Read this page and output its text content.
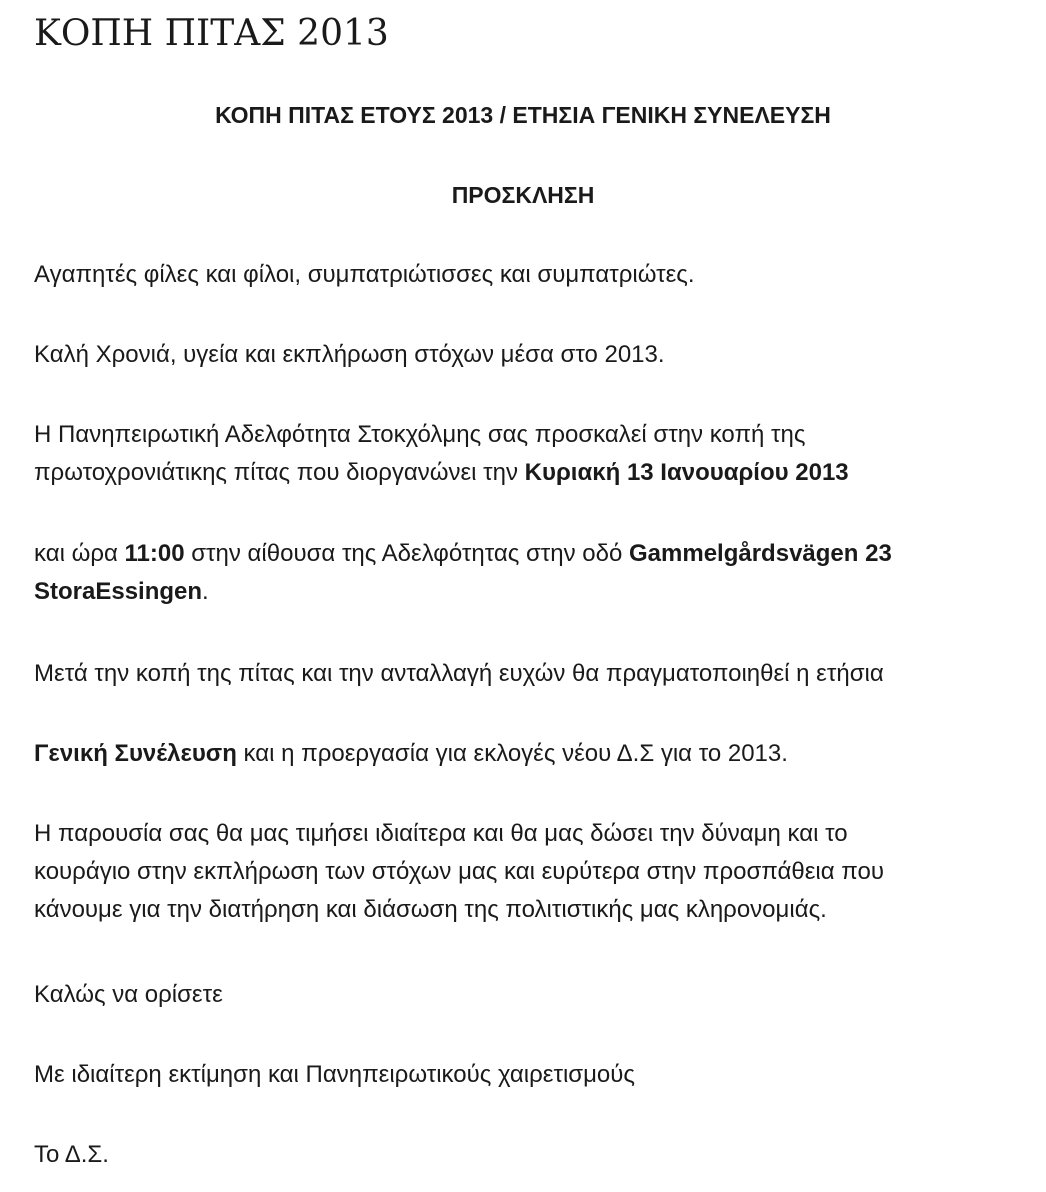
ΚΟΠΗ ΠΙΤΑΣ 2013
ΚΟΠΗ ΠΙΤΑΣ ΕΤΟΥΣ 2013 / ΕΤΗΣΙΑ ΓΕΝΙΚΗ ΣΥΝΕΛΕΥΣΗ
ΠΡΟΣΚΛΗΣΗ

Αγαπητές φίλες και φίλοι, συμπατριώτισσες και συμπατριώτες.

Καλή Χρονιά, υγεία και εκπλήρωση στόχων μέσα στο 2013.

Η Πανηπειρωτική Αδελφότητα Στοκχόλμης σας προσκαλεί στην κοπή της
πρωτοχρονιάτικης πίτας που διοργανώνει την Κυριακή 13 Ιανουαρίου 2013

και ώρα 11:00 στην αίθουσα της Αδελφότητας στην οδό Gammelgårdsvägen 23
StoraEssingen.

Μετά την κοπή της πίτας και την ανταλλαγή ευχών θα πραγματοποιηθεί η ετήσια

Γενική Συνέλευση και η προεργασία για εκλογές νέου Δ.Σ για το 2013.

Η παρουσία σας θα μας τιμήσει ιδιαίτερα και θα μας δώσει την δύναμη και το
κουράγιο στην εκπλήρωση των στόχων μας και ευρύτερα στην προσπάθεια που
κάνουμε για την διατήρηση και διάσωση της πολιτιστικής μας κληρονομιάς.

Καλώς να ορίσετε

Με ιδιαίτερη εκτίμηση και Πανηπειρωτικούς χαιρετισμούς

Το Δ.Σ.
